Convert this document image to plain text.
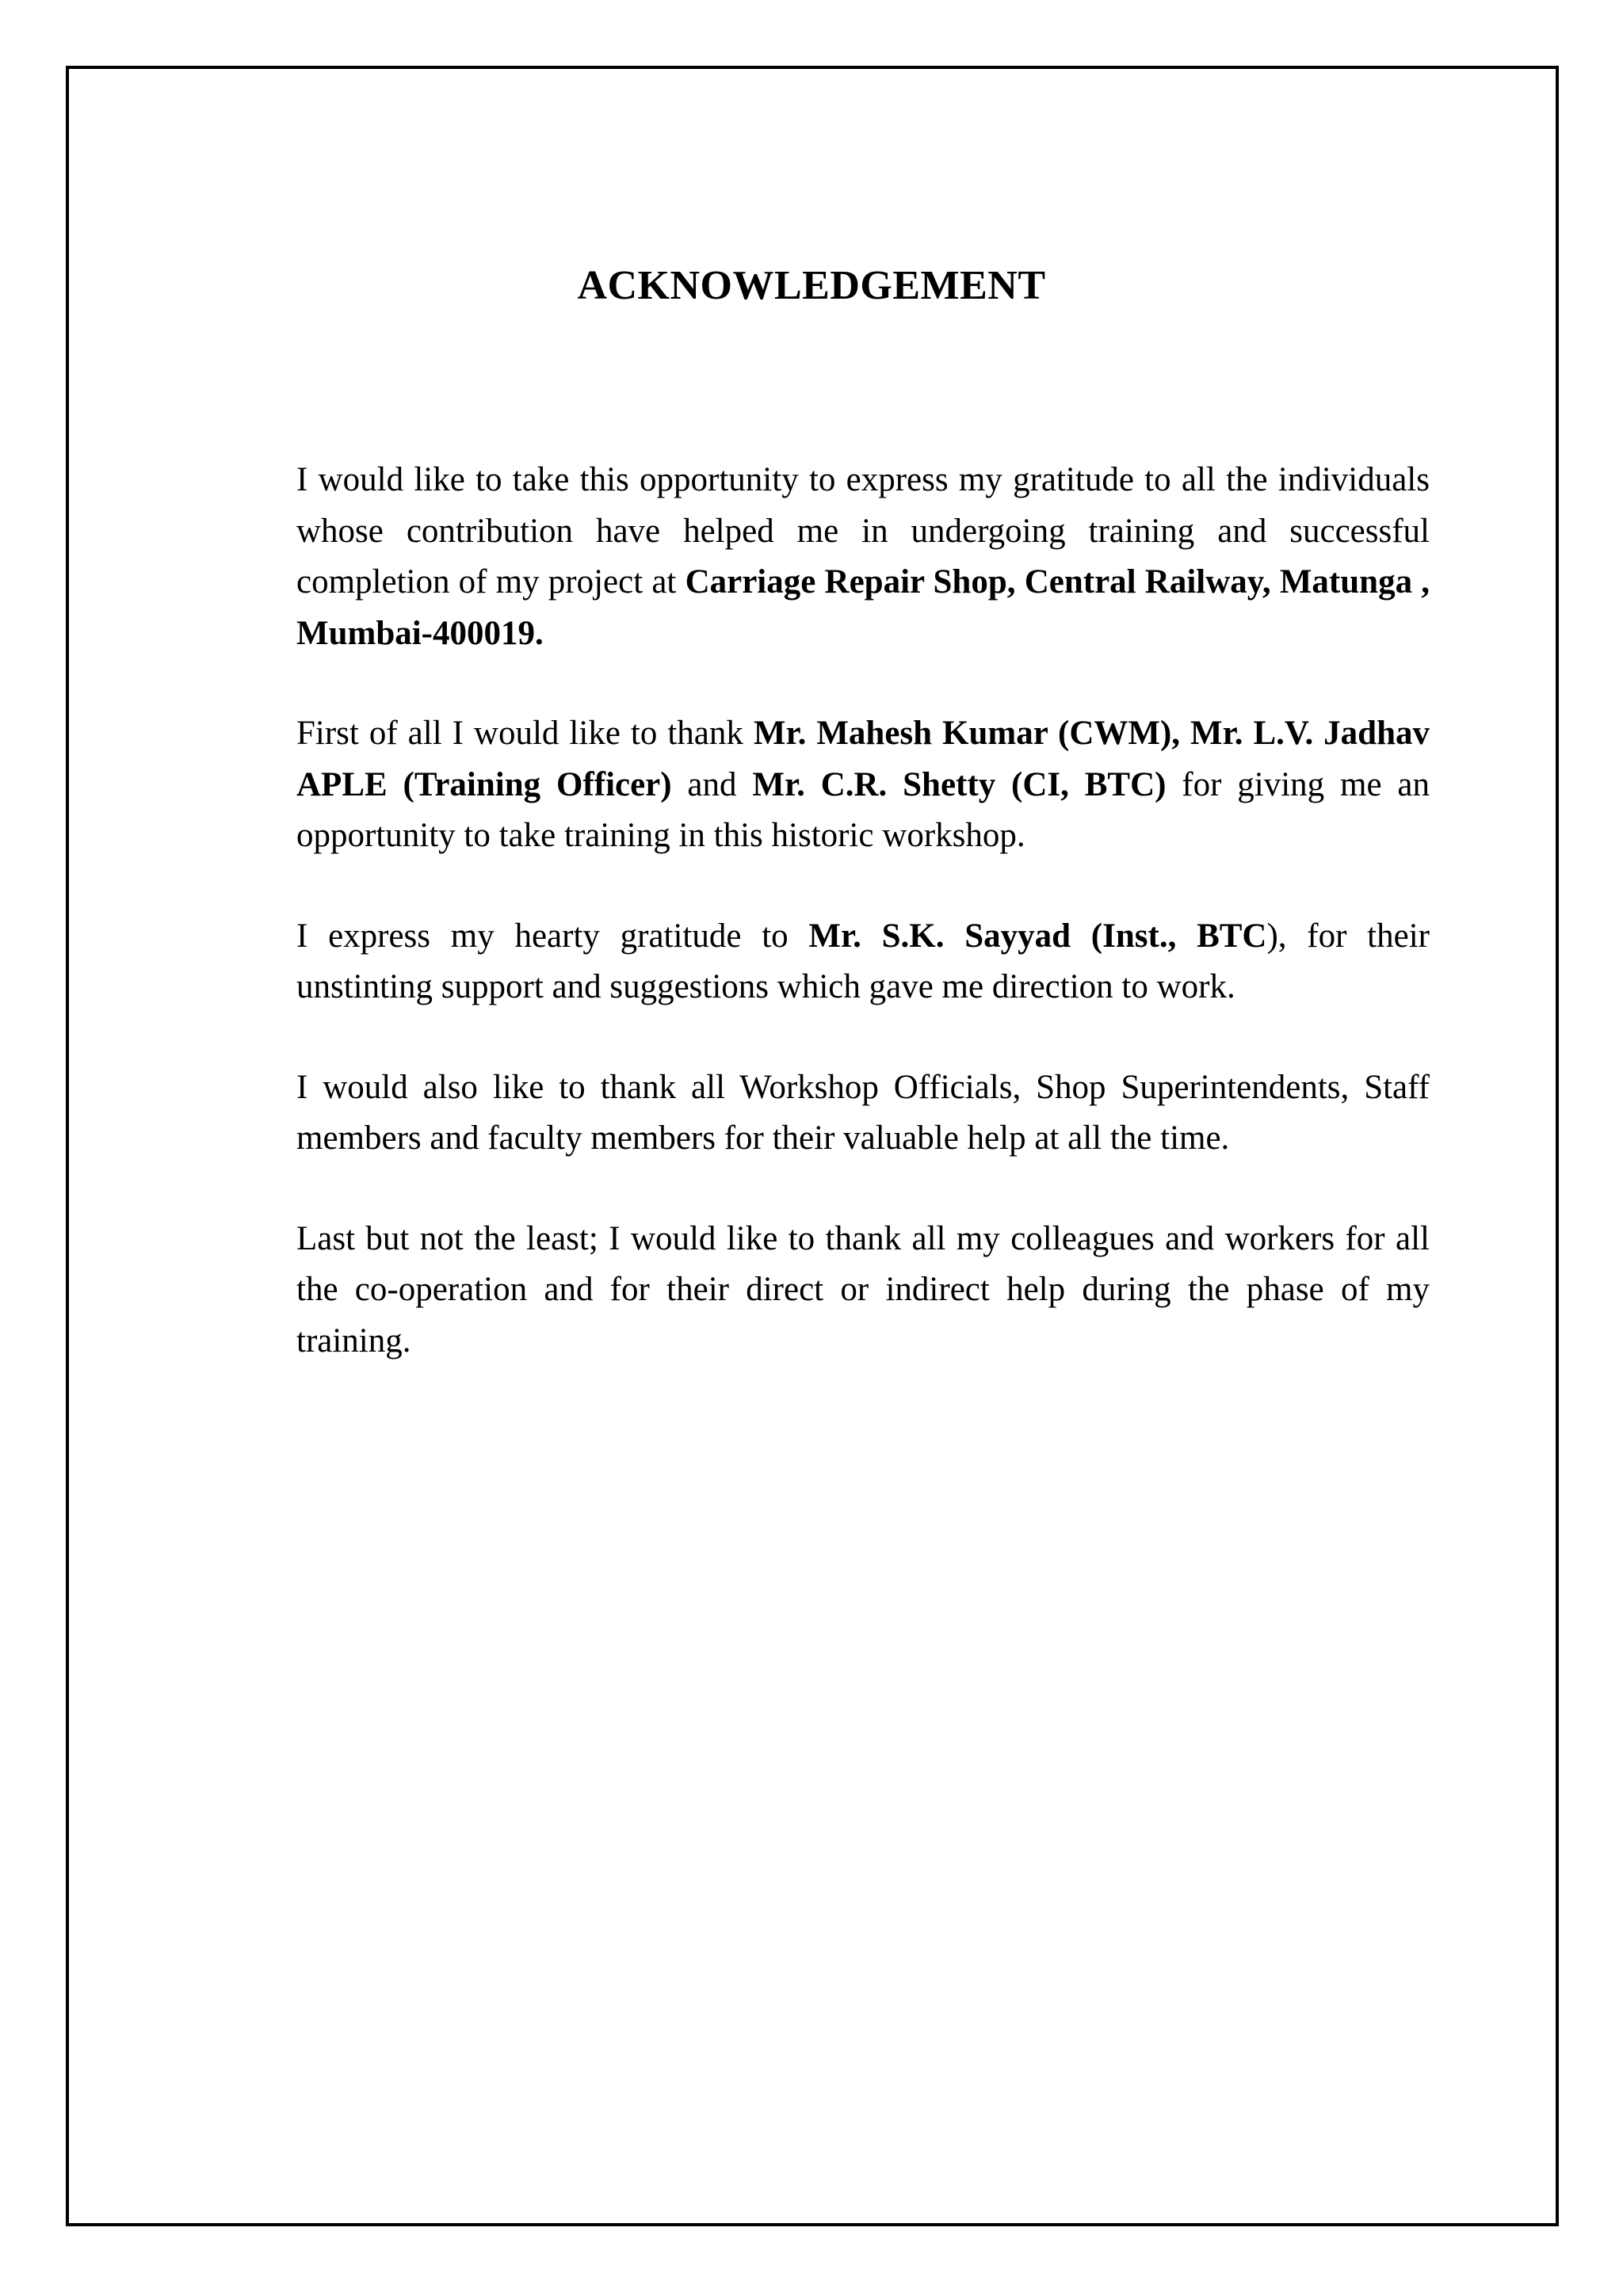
ACKNOWLEDGEMENT

I would like to take this opportunity to express my gratitude to all the individuals whose contribution have helped me in undergoing training and successful completion of my project at Carriage Repair Shop, Central Railway, Matunga , Mumbai-400019.

First of all I would like to thank Mr. Mahesh Kumar (CWM), Mr. L.V. Jadhav APLE (Training Officer) and Mr. C.R. Shetty (CI, BTC) for giving me an opportunity to take training in this historic workshop.

I express my hearty gratitude to Mr. S.K. Sayyad (Inst., BTC), for their unstinting support and suggestions which gave me direction to work.

I would also like to thank all Workshop Officials, Shop Superintendents, Staff members and faculty members for their valuable help at all the time.

Last but not the least; I would like to thank all my colleagues and workers for all the co-operation and for their direct or indirect help during the phase of my training.
